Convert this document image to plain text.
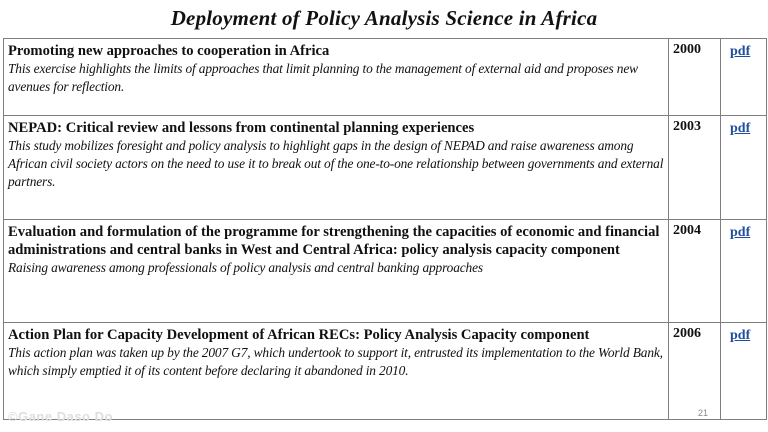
Deployment of Policy Analysis Science in Africa
Promoting new approaches to cooperation in Africa
This exercise highlights the limits of approaches that limit planning to the management of external aid and proposes new avenues for reflection.	2000	pdf

NEPAD: Critical review and lessons from continental planning experiences
This study mobilizes foresight and policy analysis to highlight gaps in the design of NEPAD and raise awareness among African civil society actors on the need to use it to break out of the one-to-one relationship between governments and external partners.	2003	pdf

Evaluation and formulation of the programme for strengthening the capacities of economic and financial administrations and central banks in West and Central Africa: policy analysis capacity component
Raising awareness among professionals of policy analysis and central banking approaches	2004	pdf

Action Plan for Capacity Development of African RECs: Policy Analysis Capacity component
This action plan was taken up by the 2007 G7, which undertook to support it, entrusted its implementation to the World Bank, which simply emptied it of its content before declaring it abandoned in 2010.	2006	pdf
21
©Gane Daso Do
